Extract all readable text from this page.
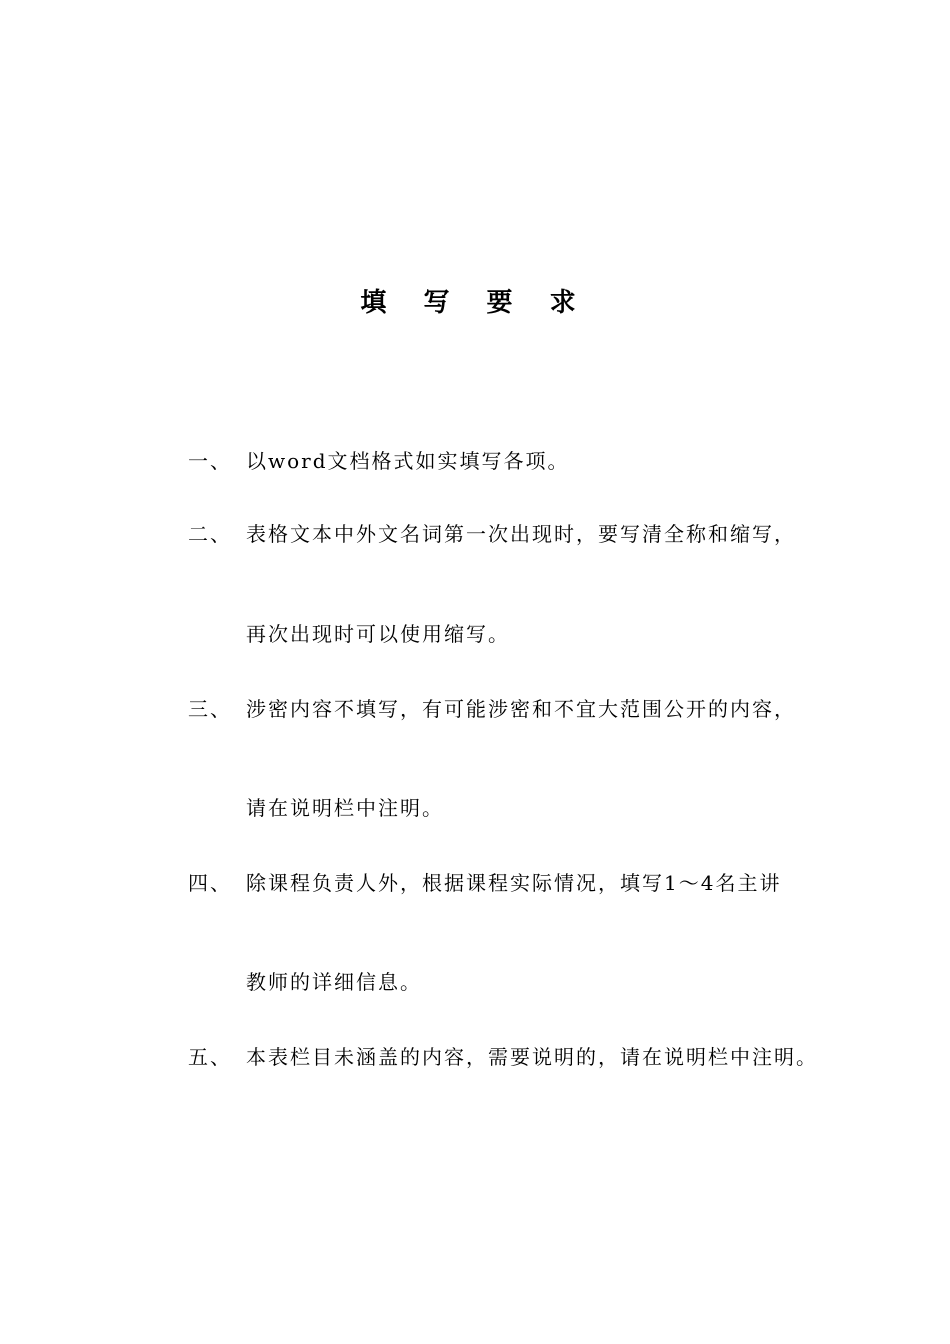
填 写 要 求
一、 以word文档格式如实填写各项。
二、 表格文本中外文名词第一次出现时，要写清全称和缩写，
再次出现时可以使用缩写。
三、 涉密内容不填写，有可能涉密和不宜大范围公开的内容，
请在说明栏中注明。
四、 除课程负责人外，根据课程实际情况，填写1～4名主讲
教师的详细信息。
五、 本表栏目未涵盖的内容，需要说明的，请在说明栏中注明。
